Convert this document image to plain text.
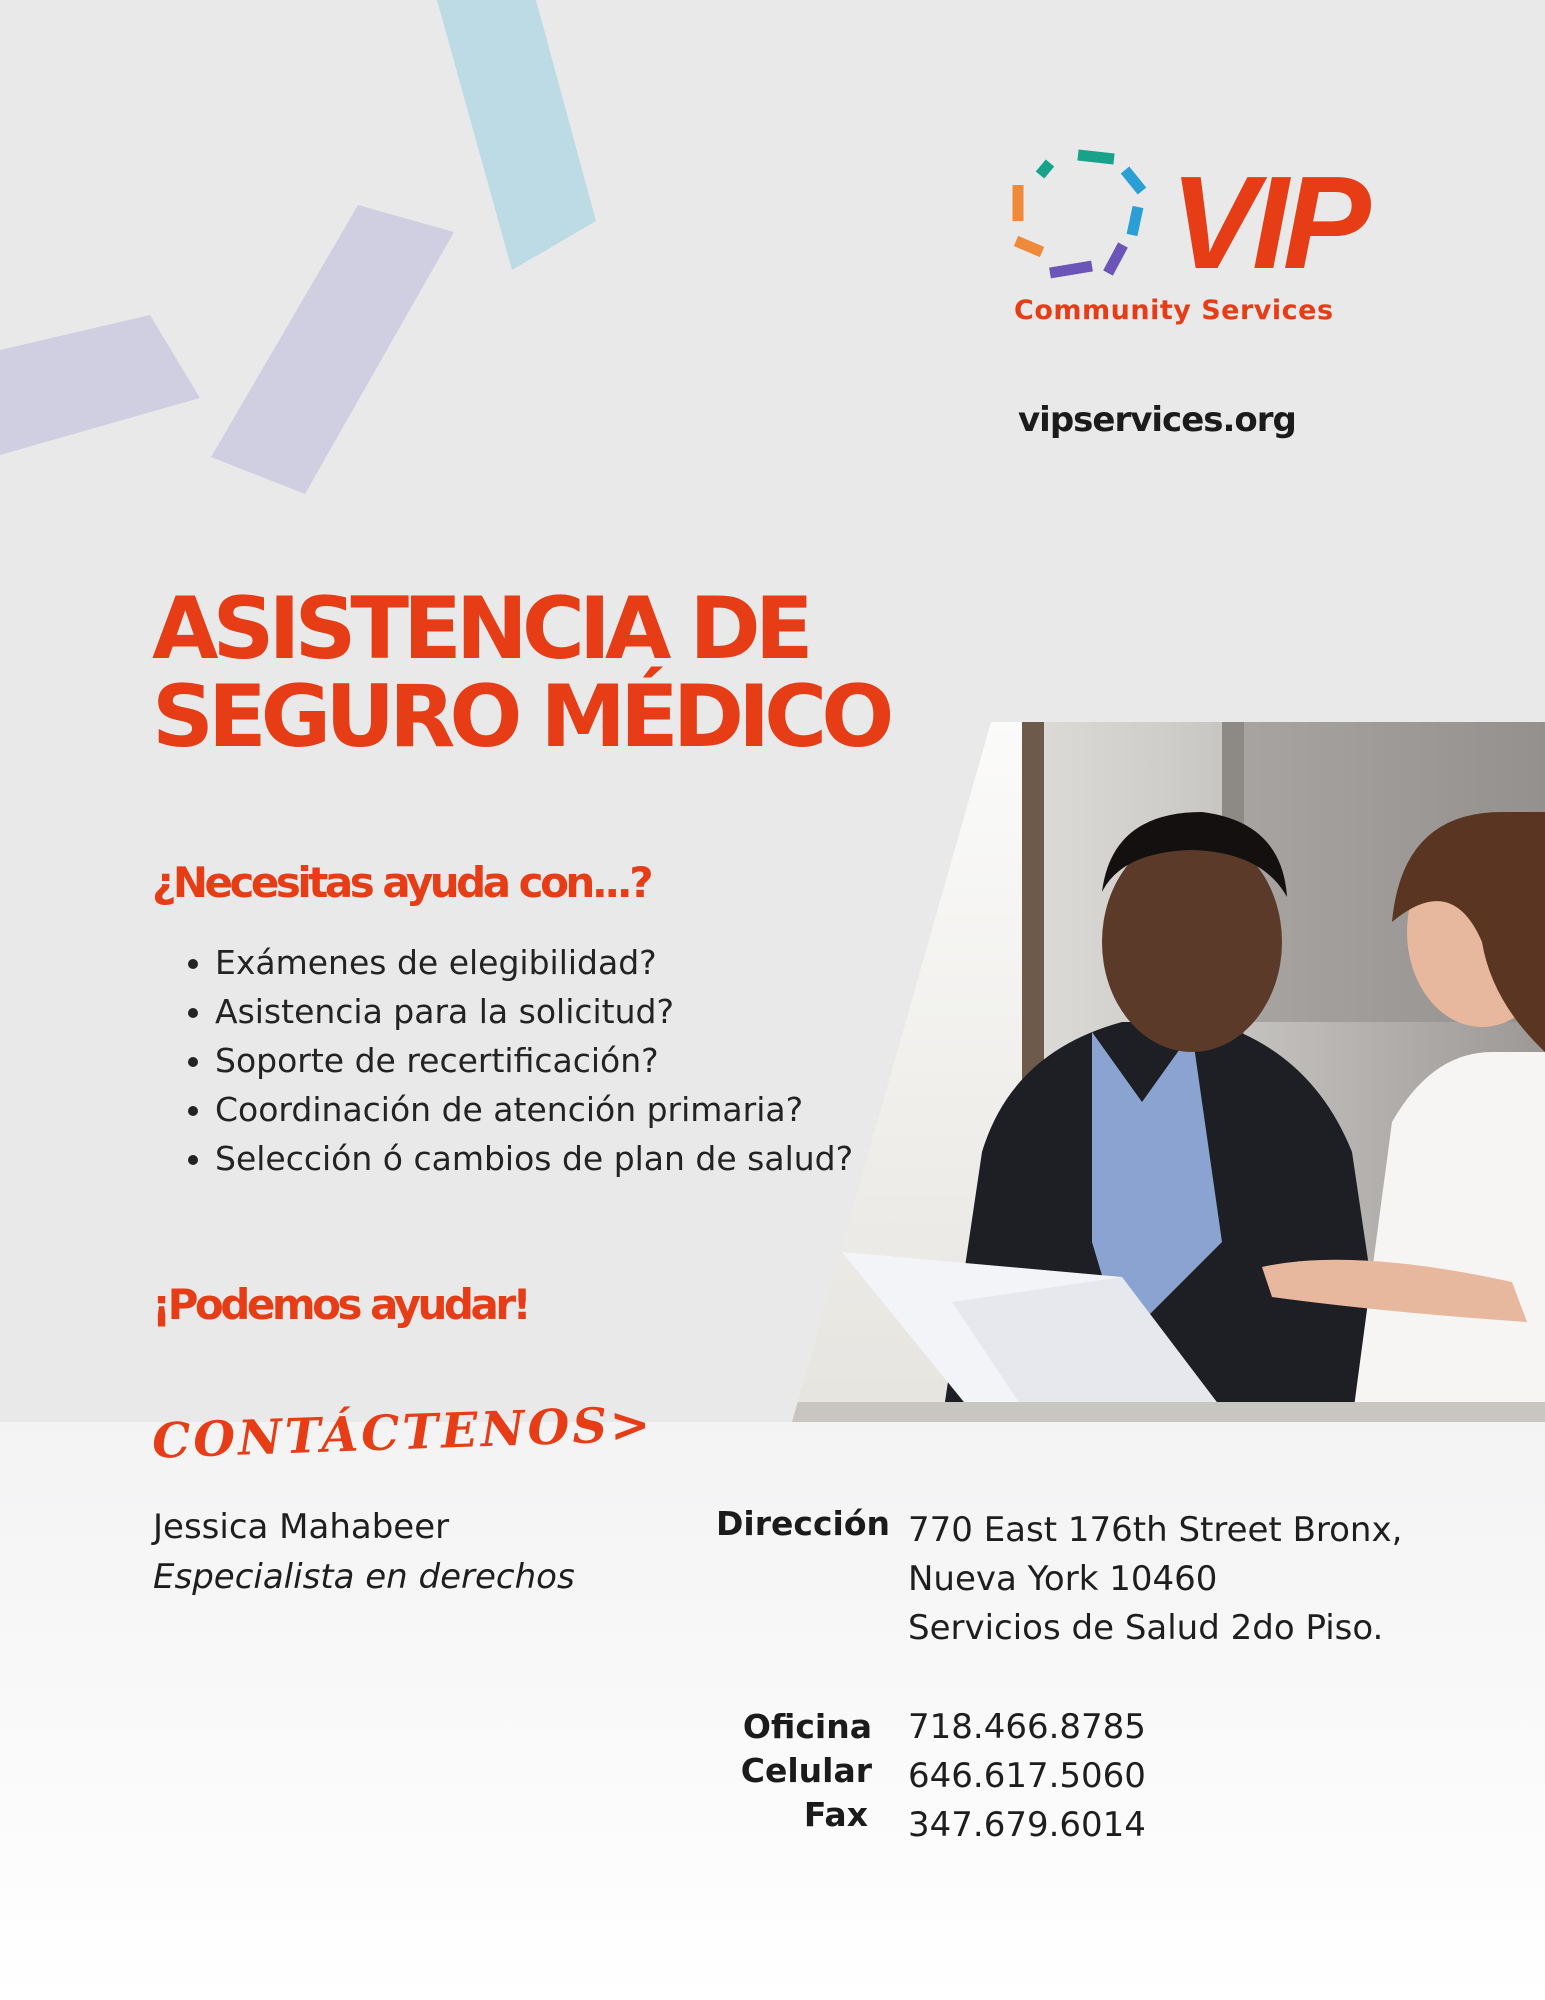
VIP
Community Services
vipservices.org
ASISTENCIA DE
SEGURO MÉDICO
¿Necesitas ayuda con...?
• Exámenes de elegibilidad?
• Asistencia para la solicitud?
• Soporte de recertificación?
• Coordinación de atención primaria?
• Selección ó cambios de plan de salud?
¡Podemos ayudar!
CONTÁCTENOS>
Jessica Mahabeer
Especialista en derechos
Dirección 770 East 176th Street Bronx,
Nueva York 10460
Servicios de Salud 2do Piso.
Oficina
Celular
Fax
718.466.8785
646.617.5060
347.679.6014
